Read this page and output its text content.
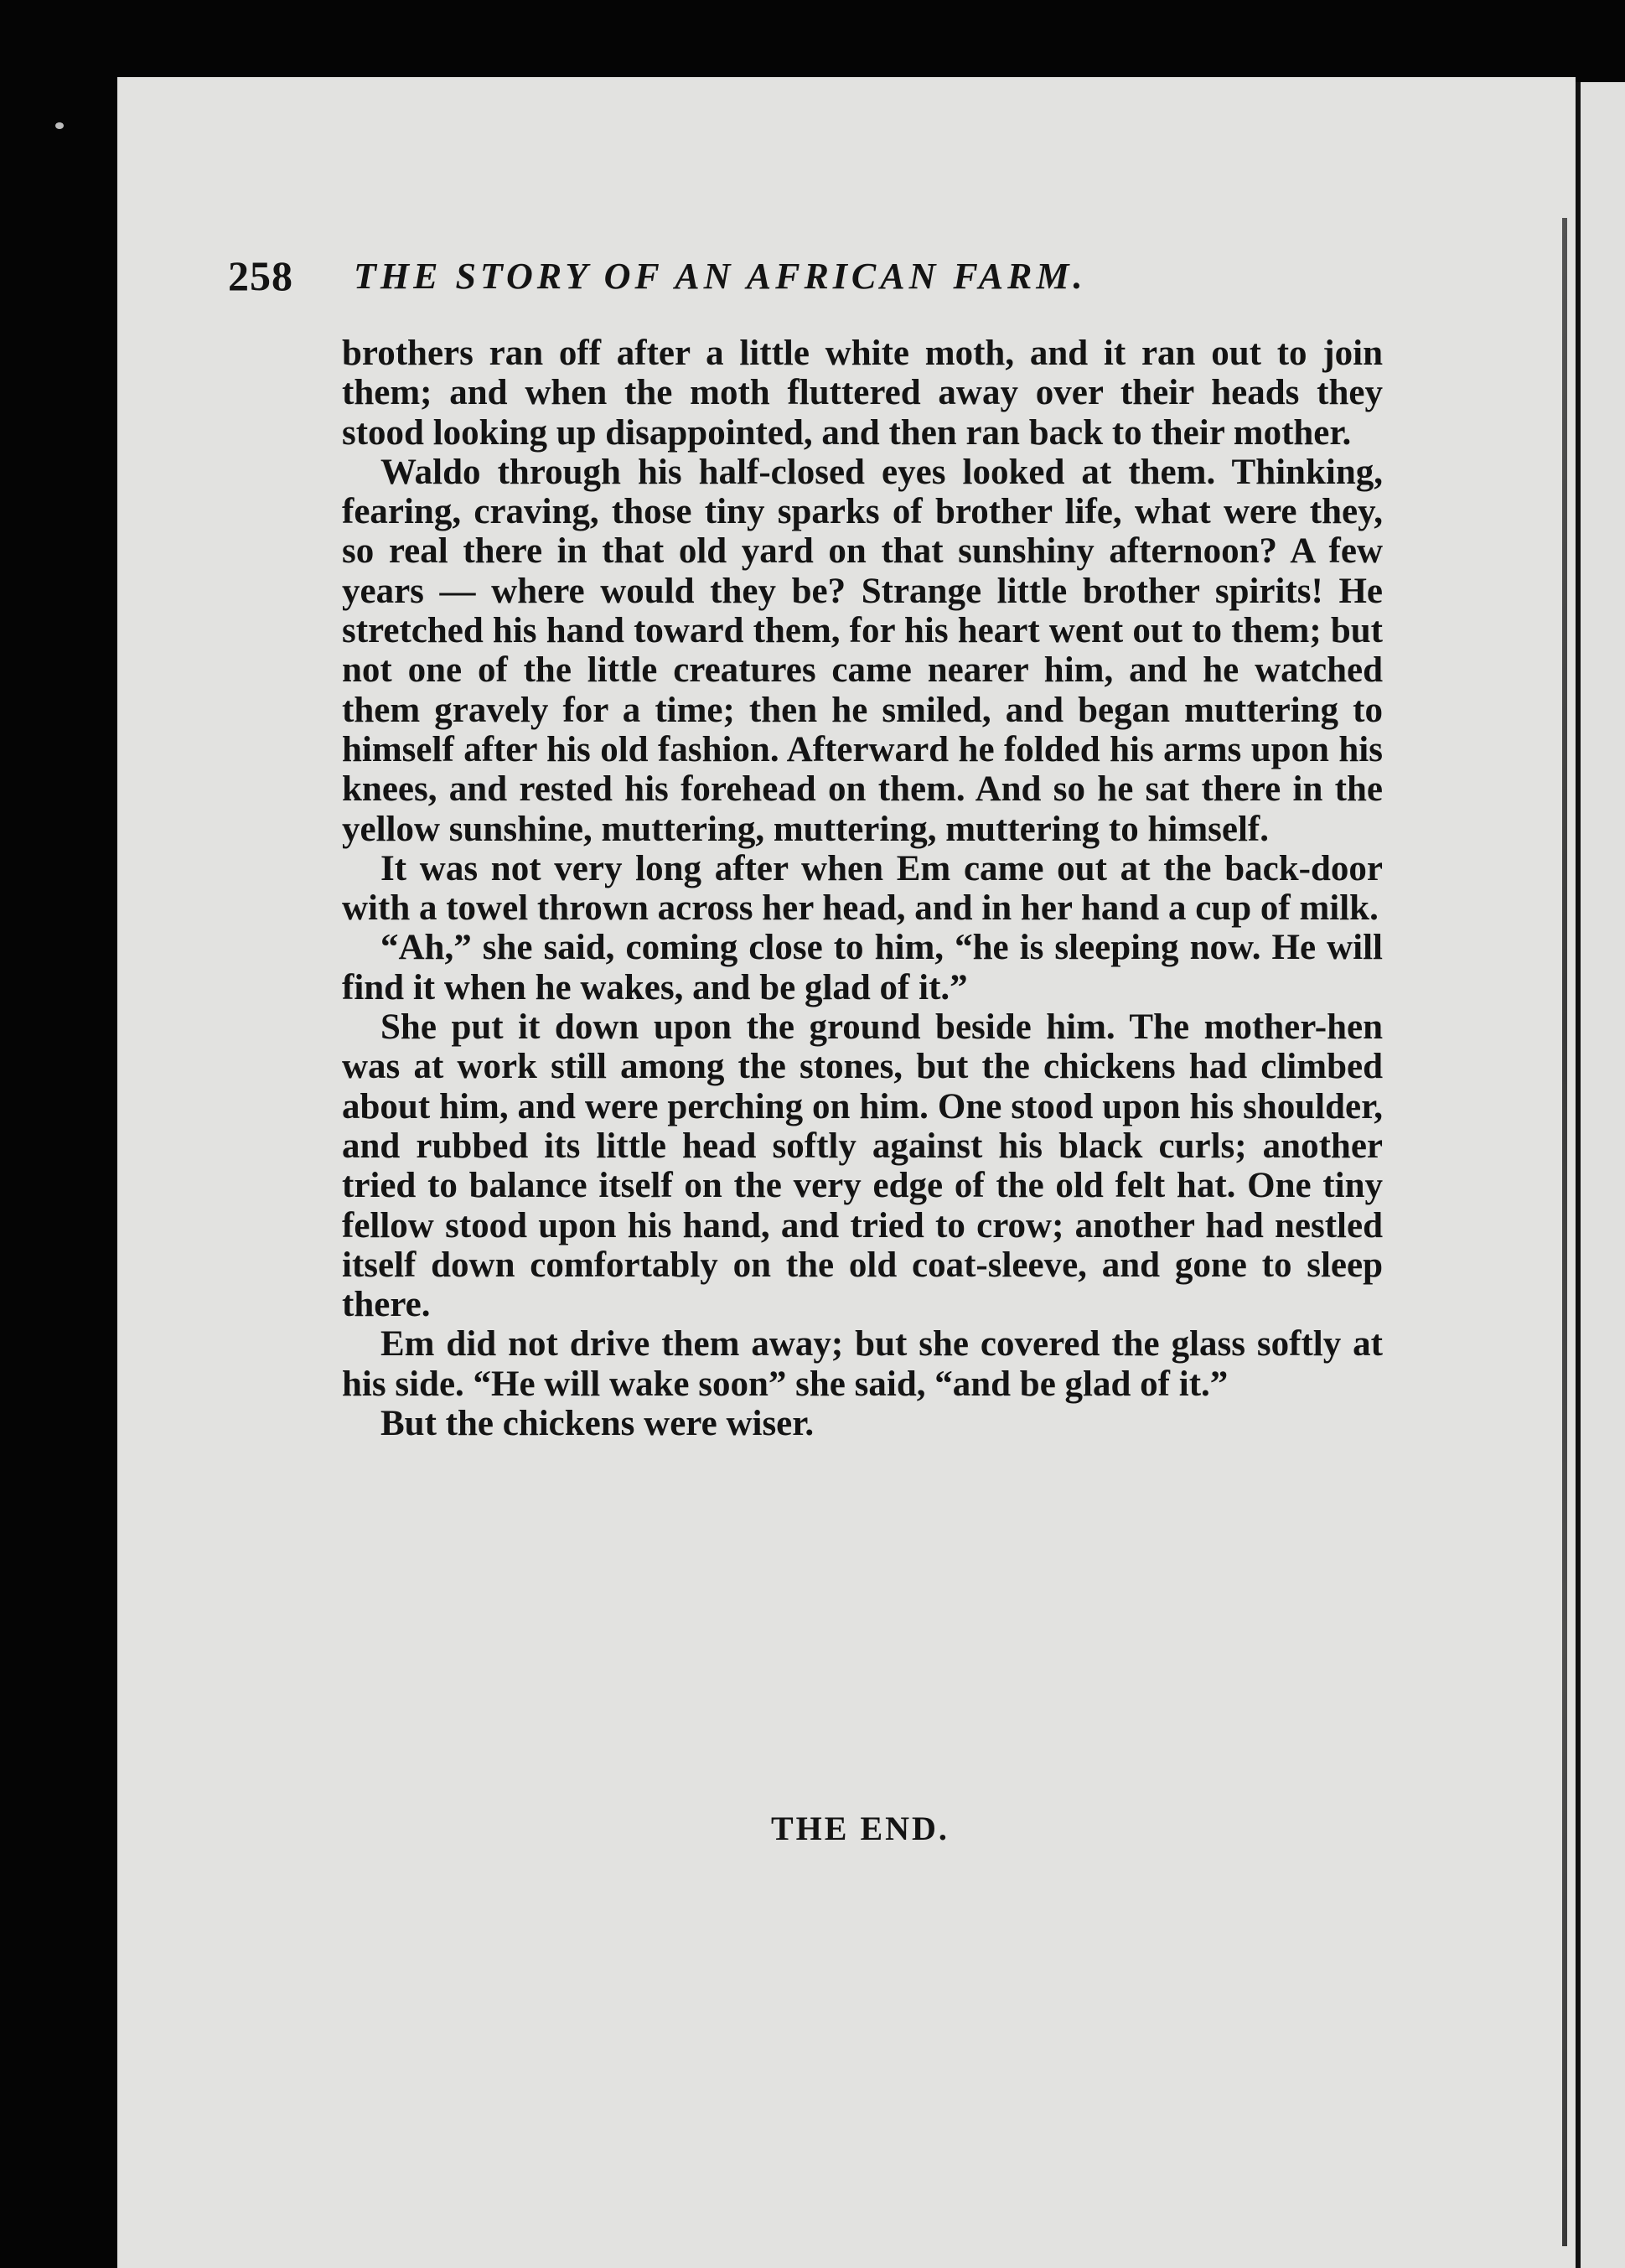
258 THE STORY OF AN AFRICAN FARM.

brothers ran off after a little white moth, and it ran out to join them; and when the moth fluttered away over their heads they stood looking up disappointed, and then ran back to their mother.

Waldo through his half-closed eyes looked at them. Thinking, fearing, craving, those tiny sparks of brother life, what were they, so real there in that old yard on that sunshiny afternoon? A few years — where would they be? Strange little brother spirits! He stretched his hand toward them, for his heart went out to them; but not one of the little creatures came nearer him, and he watched them gravely for a time; then he smiled, and began muttering to himself after his old fashion. Afterward he folded his arms upon his knees, and rested his forehead on them. And so he sat there in the yellow sunshine, muttering, muttering, muttering to himself.

It was not very long after when Em came out at the back-door with a towel thrown across her head, and in her hand a cup of milk.

“Ah,” she said, coming close to him, “he is sleeping now. He will find it when he wakes, and be glad of it.”

She put it down upon the ground beside him. The mother-hen was at work still among the stones, but the chickens had climbed about him, and were perching on him. One stood upon his shoulder, and rubbed its little head softly against his black curls; another tried to balance itself on the very edge of the old felt hat. One tiny fellow stood upon his hand, and tried to crow; another had nestled itself down comfortably on the old coat-sleeve, and gone to sleep there.

Em did not drive them away; but she covered the glass softly at his side. “He will wake soon” she said, “and be glad of it.”

But the chickens were wiser.

THE END.
